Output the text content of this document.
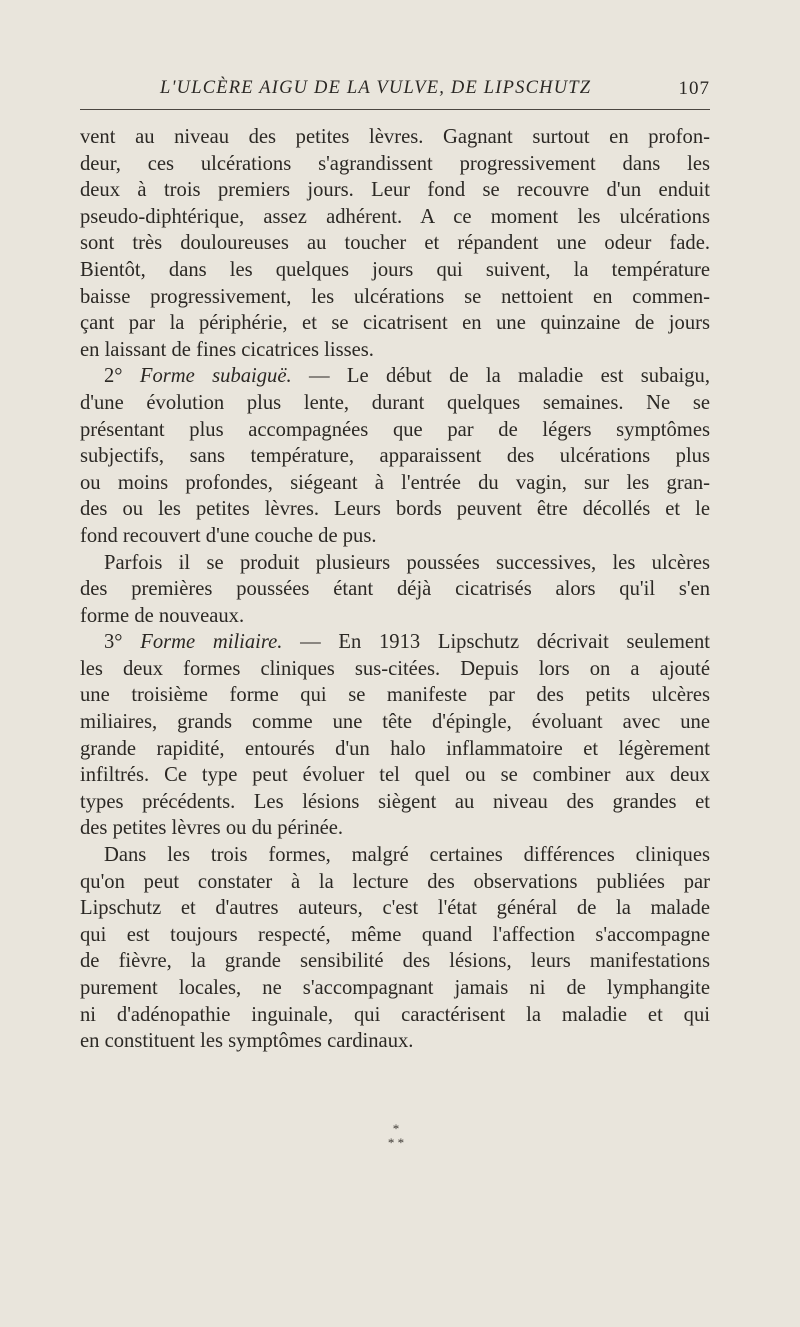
L'ULCÈRE AIGU DE LA VULVE, DE LIPSCHUTZ	107
vent au niveau des petites lèvres. Gagnant surtout en profon-
deur, ces ulcérations s'agrandissent progressivement dans les
deux à trois premiers jours. Leur fond se recouvre d'un enduit
pseudo-diphtérique, assez adhérent. A ce moment les ulcérations
sont très douloureuses au toucher et répandent une odeur fade.
Bientôt, dans les quelques jours qui suivent, la température
baisse progressivement, les ulcérations se nettoient en commen-
çant par la périphérie, et se cicatrisent en une quinzaine de jours
en laissant de fines cicatrices lisses.
2° Forme subaiguë. — Le début de la maladie est subaigu,
d'une évolution plus lente, durant quelques semaines. Ne se
présentant plus accompagnées que par de légers symptômes
subjectifs, sans température, apparaissent des ulcérations plus
ou moins profondes, siégeant à l'entrée du vagin, sur les gran-
des ou les petites lèvres. Leurs bords peuvent être décollés et le
fond recouvert d'une couche de pus.
Parfois il se produit plusieurs poussées successives, les ulcères
des premières poussées étant déjà cicatrisés alors qu'il s'en
forme de nouveaux.
3° Forme miliaire. — En 1913 Lipschutz décrivait seulement
les deux formes cliniques sus-citées. Depuis lors on a ajouté
une troisième forme qui se manifeste par des petits ulcères
miliaires, grands comme une tête d'épingle, évoluant avec une
grande rapidité, entourés d'un halo inflammatoire et légèrement
infiltrés. Ce type peut évoluer tel quel ou se combiner aux deux
types précédents. Les lésions siègent au niveau des grandes et
des petites lèvres ou du périnée.
Dans les trois formes, malgré certaines différences cliniques
qu'on peut constater à la lecture des observations publiées par
Lipschutz et d'autres auteurs, c'est l'état général de la malade
qui est toujours respecté, même quand l'affection s'accompagne
de fièvre, la grande sensibilité des lésions, leurs manifestations
purement locales, ne s'accompagnant jamais ni de lymphangite
ni d'adénopathie inguinale, qui caractérisent la maladie et qui
en constituent les symptômes cardinaux.
*
* *
